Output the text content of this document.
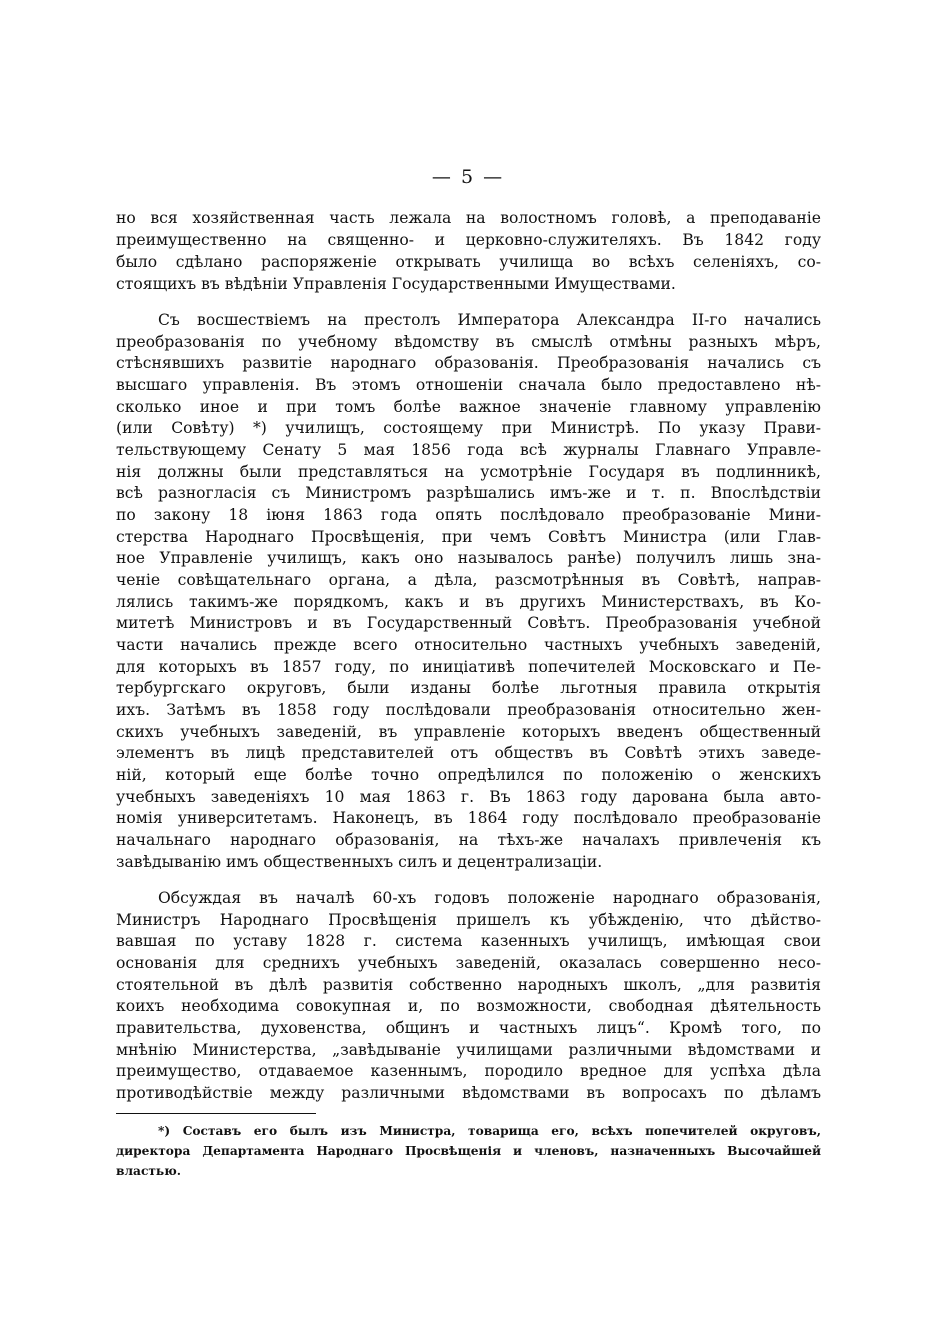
— 5 —
но вся хозяйственная часть лежала на волостномъ головѣ, а преподаваніе
преимущественно на священно- и церковно-служителяхъ. Въ 1842 году
было сдѣлано распоряженіе открывать училища во всѣхъ селеніяхъ, со-
стоящихъ въ вѣдѣніи Управленія Государственными Имуществами.
Съ восшествіемъ на престолъ Императора Александра II-го начались
преобразованія по учебному вѣдомству въ смыслѣ отмѣны разныхъ мѣръ,
стѣснявшихъ развитіе народнаго образованія. Преобразованія начались съ
высшаго управленія. Въ этомъ отношеніи сначала было предоставлено нѣ-
сколько иное и при томъ болѣе важное значеніе главному управленію
(или Совѣту) *) училищъ, состоящему при Министрѣ. По указу Прави-
тельствующему Сенату 5 мая 1856 года всѣ журналы Главнаго Управле-
нія должны были представляться на усмотрѣніе Государя въ подлинникѣ,
всѣ разногласія съ Министромъ разрѣшались имъ-же и т. п. Впослѣдствіи
по закону 18 іюня 1863 года опять послѣдовало преобразованіе Мини-
стерства Народнаго Просвѣщенія, при чемъ Совѣтъ Министра (или Глав-
ное Управленіе училищъ, какъ оно называлось ранѣе) получилъ лишь зна-
ченіе совѣщательнаго органа, а дѣла, разсмотрѣнныя въ Совѣтѣ, направ-
лялись такимъ-же порядкомъ, какъ и въ другихъ Министерствахъ, въ Ко-
митетѣ Министровъ и въ Государственный Совѣтъ. Преобразованія учебной
части начались прежде всего относительно частныхъ учебныхъ заведеній,
для которыхъ въ 1857 году, по иниціативѣ попечителей Московскаго и Пе-
тербургскаго округовъ, были изданы болѣе льготныя правила открытія
ихъ. Затѣмъ въ 1858 году послѣдовали преобразованія относительно жен-
скихъ учебныхъ заведеній, въ управленіе которыхъ введенъ общественный
элементъ въ лицѣ представителей отъ обществъ въ Совѣтѣ этихъ заведе-
ній, который еще болѣе точно опредѣлился по положенію о женскихъ
учебныхъ заведеніяхъ 10 мая 1863 г. Въ 1863 году дарована была авто-
номія университетамъ. Наконецъ, въ 1864 году послѣдовало преобразованіе
начальнаго народнаго образованія, на тѣхъ-же началахъ привлеченія къ
завѣдыванію имъ общественныхъ силъ и децентрализаціи.
Обсуждая въ началѣ 60-хъ годовъ положеніе народнаго образованія,
Министръ Народнаго Просвѣщенія пришелъ къ убѣжденію, что дѣйство-
вавшая по уставу 1828 г. система казенныхъ училищъ, имѣющая свои
основанія для среднихъ учебныхъ заведеній, оказалась совершенно несо-
стоятельной въ дѣлѣ развитія собственно народныхъ школъ, „для развитія
коихъ необходима совокупная и, по возможности, свободная дѣятельность
правительства, духовенства, общинъ и частныхъ лицъ“. Кромѣ того, по
мнѣнію Министерства, „завѣдываніе училищами различными вѣдомствами и
преимущество, отдаваемое казеннымъ, породило вредное для успѣха дѣла
противодѣйствіе между различными вѣдомствами въ вопросахъ по дѣламъ
*) Составъ его былъ изъ Министра, товарища его, всѣхъ попечителей округовъ,
директора Департамента Народнаго Просвѣщенія и членовъ, назначенныхъ Высочайшей
властью.
